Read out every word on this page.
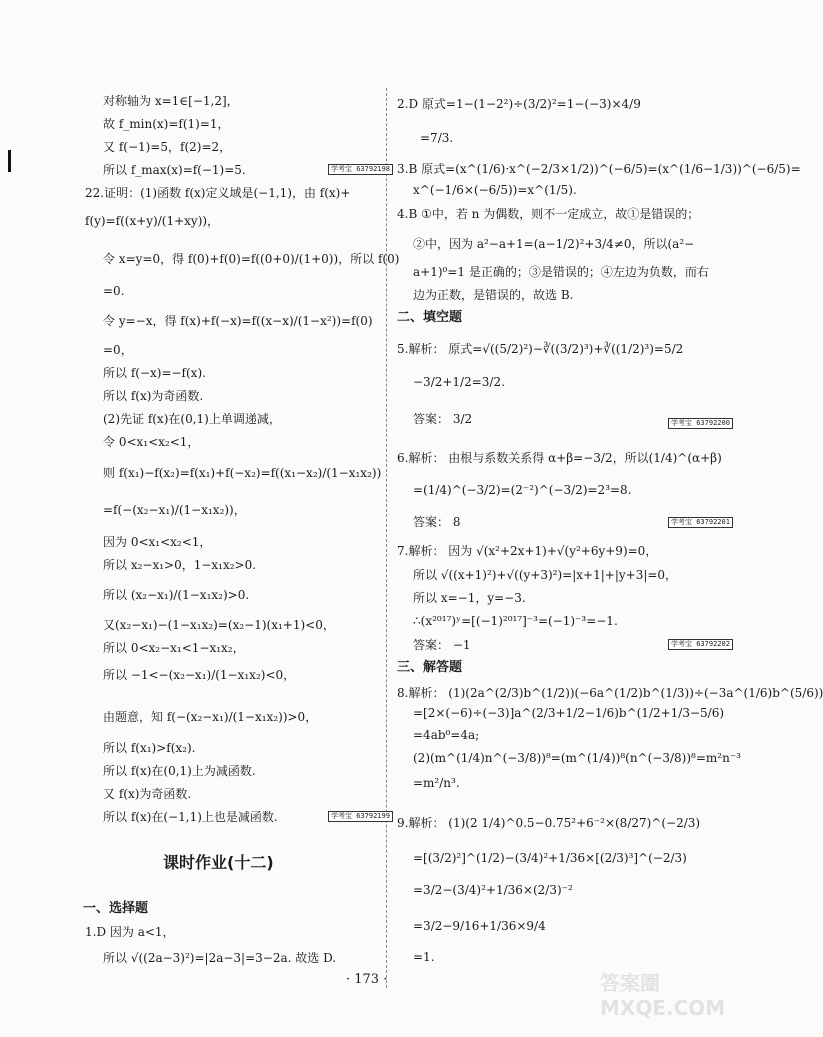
对称轴为 x=1∈[−1,2]，
故 f_min(x)=f(1)=1，
又 f(−1)=5，f(2)=2，
所以 f_max(x)=f(−1)=5.	学考宝 63792198
22.证明：(1)函数 f(x)定义域是(−1,1)，由 f(x)+
f(y)=f((x+y)/(1+xy))，
令 x=y=0，得 f(0)+f(0)=f((0+0)/(1+0))，所以 f(0)
=0.
令 y=−x，得 f(x)+f(−x)=f((x−x)/(1−x²))=f(0)
=0，
所以 f(−x)=−f(x).
所以 f(x)为奇函数.
(2)先证 f(x)在(0,1)上单调递减，
令 0<x₁<x₂<1，
则 f(x₁)−f(x₂)=f(x₁)+f(−x₂)=f((x₁−x₂)/(1−x₁x₂))
=f(−(x₂−x₁)/(1−x₁x₂))，
因为 0<x₁<x₂<1，
所以 x₂−x₁>0，1−x₁x₂>0.
所以 (x₂−x₁)/(1−x₁x₂)>0.
又(x₂−x₁)−(1−x₁x₂)=(x₂−1)(x₁+1)<0，
所以 0<x₂−x₁<1−x₁x₂，
所以 −1<−(x₂−x₁)/(1−x₁x₂)<0，
由题意，知 f(−(x₂−x₁)/(1−x₁x₂))>0，
所以 f(x₁)>f(x₂).
所以 f(x)在(0,1)上为减函数.
又 f(x)为奇函数.
所以 f(x)在(−1,1)上也是减函数.	学考宝 63792199
课时作业(十二)
一、选择题
1.D 因为 a<1，
所以 √((2a−3)²)=|2a−3|=3−2a. 故选 D.
2.D 原式=1−(1−2²)÷(3/2)²=1−(−3)×4/9
=7/3.
3.B 原式=(x^(1/6)·x^(−2/3×1/2))^(−6/5)=(x^(1/6−1/3))^(−6/5)=
x^(−1/6×(−6/5))=x^(1/5).
4.B ①中，若 n 为偶数，则不一定成立，故①是错误的；
②中，因为 a²−a+1=(a−1/2)²+3/4≠0，所以(a²−
a+1)⁰=1 是正确的；③是错误的；④左边为负数，而右
边为正数，是错误的，故选 B.
二、填空题
5.解析： 原式=√((5/2)²)−∛((3/2)³)+∛((1/2)³)=5/2
−3/2+1/2=3/2.
答案： 3/2	学考宝 63792200
6.解析： 由根与系数关系得 α+β=−3/2，所以(1/4)^(α+β)
=(1/4)^(−3/2)=(2⁻²)^(−3/2)=2³=8.
答案： 8	学考宝 63792201
7.解析： 因为 √(x²+2x+1)+√(y²+6y+9)=0，
所以 √((x+1)²)+√((y+3)²)=|x+1|+|y+3|=0，
所以 x=−1，y=−3.
∴(x²⁰¹⁷)ʸ=[(−1)²⁰¹⁷]⁻³=(−1)⁻³=−1.
答案： −1	学考宝 63792202
三、解答题
8.解析： (1)(2a^(2/3)b^(1/2))(−6a^(1/2)b^(1/3))÷(−3a^(1/6)b^(5/6))
=[2×(−6)÷(−3)]a^(2/3+1/2−1/6)b^(1/2+1/3−5/6)
=4ab⁰=4a;
(2)(m^(1/4)n^(−3/8))⁸=(m^(1/4))⁸(n^(−3/8))⁸=m²n⁻³
=m²/n³.
9.解析： (1)(2 1/4)^0.5−0.75²+6⁻²×(8/27)^(−2/3)
=[(3/2)²]^(1/2)−(3/4)²+1/36×[(2/3)³]^(−2/3)
=3/2−(3/4)²+1/36×(2/3)⁻²
=3/2−9/16+1/36×9/4
=1.
· 173 ·	答案圈 MXQE.COM
